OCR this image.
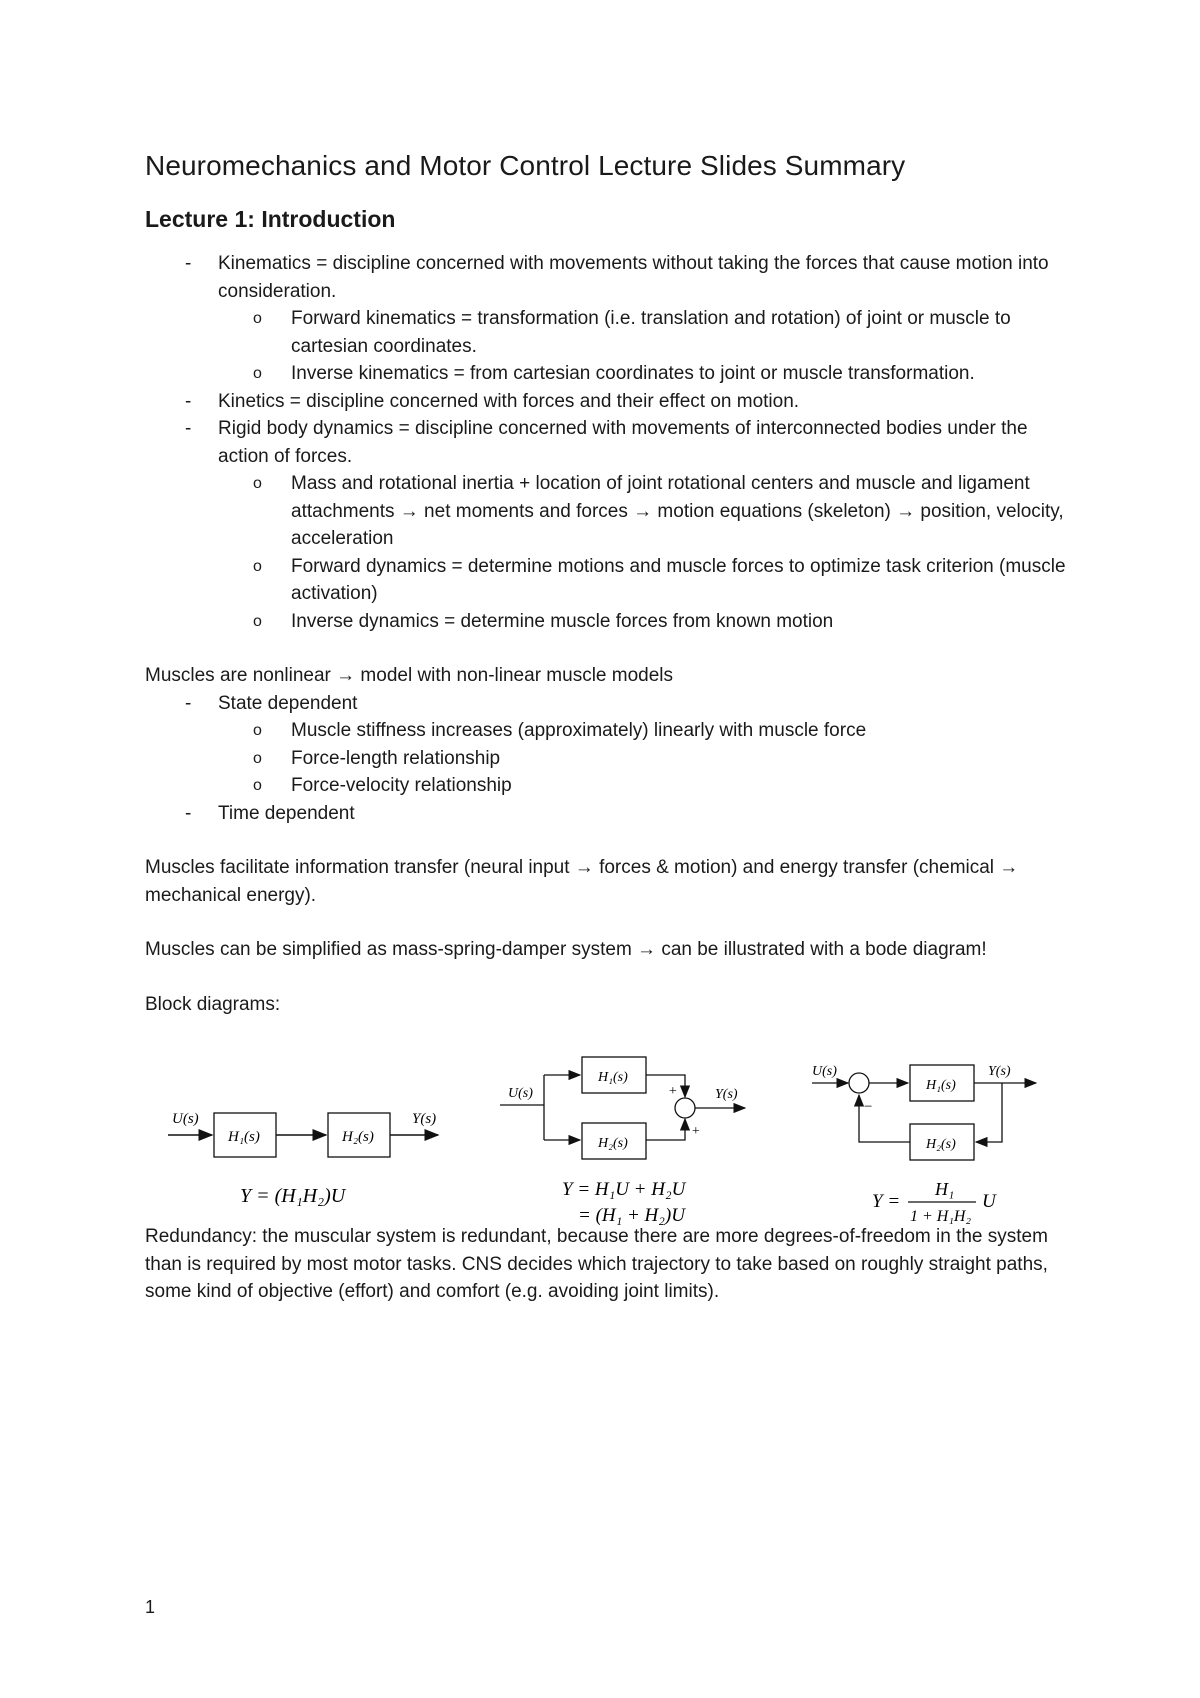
Neuromechanics and Motor Control Lecture Slides Summary
Lecture 1: Introduction
- Kinematics = discipline concerned with movements without taking the forces that cause motion into consideration.
o Forward kinematics = transformation (i.e. translation and rotation) of joint or muscle to cartesian coordinates.
o Inverse kinematics = from cartesian coordinates to joint or muscle transformation.
- Kinetics = discipline concerned with forces and their effect on motion.
- Rigid body dynamics = discipline concerned with movements of interconnected bodies under the action of forces.
o Mass and rotational inertia + location of joint rotational centers and muscle and ligament attachments → net moments and forces → motion equations (skeleton) → position, velocity, acceleration
o Forward dynamics = determine motions and muscle forces to optimize task criterion (muscle activation)
o Inverse dynamics = determine muscle forces from known motion

Muscles are nonlinear → model with non-linear muscle models

- State dependent
o Muscle stiffness increases (approximately) linearly with muscle force
o Force-length relationship
o Force-velocity relationship
- Time dependent

Muscles facilitate information transfer (neural input → forces & motion) and energy transfer (chemical → mechanical energy).

Muscles can be simplified as mass-spring-damper system → can be illustrated with a bode diagram!

Block diagrams:

Redundancy: the muscular system is redundant, because there are more degrees-of-freedom in the system than is required by most motor tasks. CNS decides which trajectory to take based on roughly straight paths, some kind of objective (effort) and comfort (e.g. avoiding joint limits).

U(s)
H₁(s)	H₂(s)
Y(s)
Y = (H₁H₂)U
U(s)
H₁(s)
H₂(s)
+
+
Y(s)
Y = H₁U + H₂U
= (H₁ + H₂)U
U(s)
−
H₁(s)
Y(s)
H₂(s)
Y =
H₁
1 + H₁H₂
U
1
